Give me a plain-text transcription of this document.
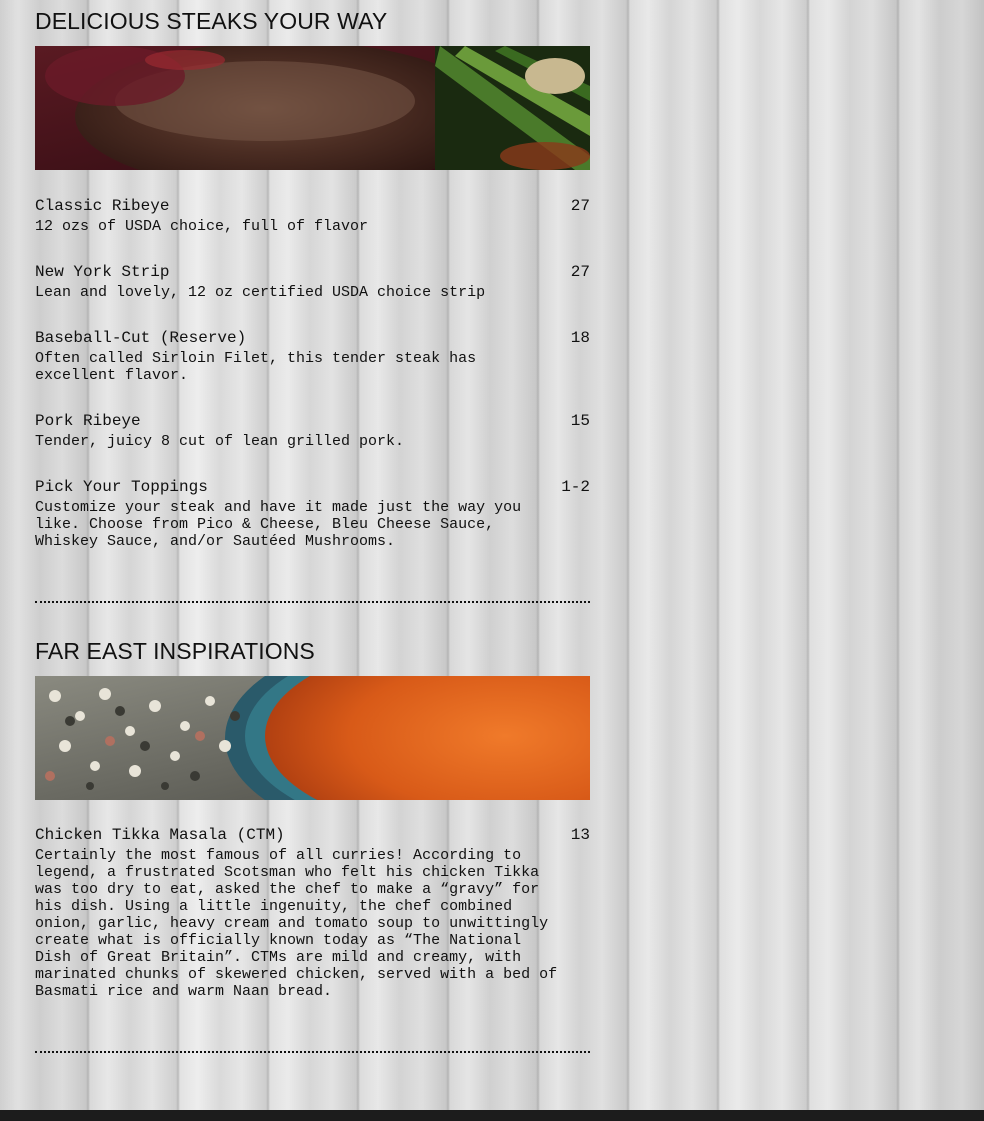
DELICIOUS STEAKS YOUR WAY
Classic Ribeye	27
12 ozs of USDA choice, full of flavor
New York Strip	27
Lean and lovely, 12 oz certified USDA choice strip
Baseball-Cut (Reserve)	18
Often called Sirloin Filet, this tender steak has excellent flavor.
Pork Ribeye	15
Tender, juicy 8 cut of lean grilled pork.
Pick Your Toppings	1-2
Customize your steak and have it made just the way you like. Choose from Pico & Cheese, Bleu Cheese Sauce, Whiskey Sauce, and/or Sautéed Mushrooms.
FAR EAST INSPIRATIONS
Chicken Tikka Masala (CTM)	13
Certainly the most famous of all curries! According to legend, a frustrated Scotsman who felt his chicken Tikka was too dry to eat, asked the chef to make a “gravy” for his dish. Using a little ingenuity, the chef combined onion, garlic, heavy cream and tomato soup to unwittingly create what is officially known today as “The National Dish of Great Britain”. CTMs are mild and creamy, with marinated chunks of skewered chicken, served with a bed of Basmati rice and warm Naan bread.
